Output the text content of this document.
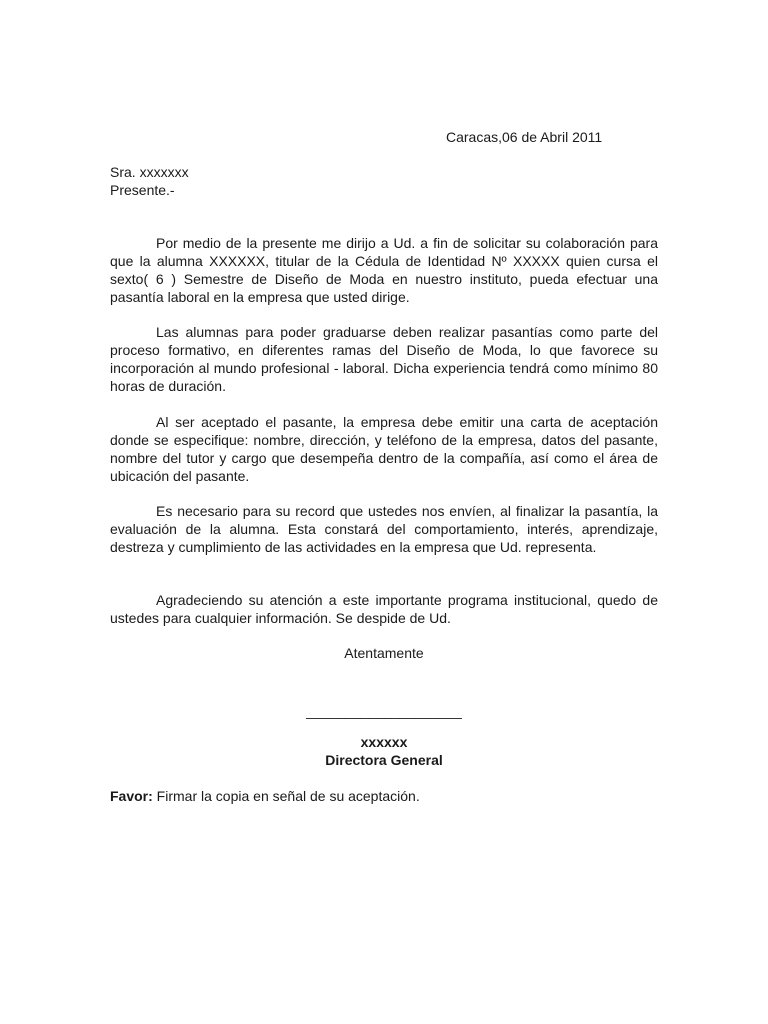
Caracas,06 de Abril 2011
Sra. xxxxxxx
Presente.-

Por medio de la presente me dirijo a Ud. a fin de solicitar su colaboración para que la alumna XXXXXX, titular de la Cédula de Identidad Nº XXXXX quien cursa el sexto( 6 ) Semestre de Diseño de Moda en nuestro instituto, pueda efectuar una pasantía laboral en la empresa que usted dirige.

Las alumnas para poder graduarse deben realizar pasantías como parte del proceso formativo, en diferentes ramas del Diseño de Moda, lo que favorece su incorporación al mundo profesional - laboral. Dicha experiencia tendrá como mínimo 80 horas de duración.

Al ser aceptado el pasante, la empresa debe emitir una carta de aceptación donde se especifique: nombre, dirección, y teléfono de la empresa, datos del pasante, nombre del tutor y cargo que desempeña dentro de la compañía, así como el área de ubicación del pasante.

Es necesario para su record que ustedes nos envíen, al finalizar la pasantía, la evaluación de la alumna. Esta constará del comportamiento, interés, aprendizaje, destreza y cumplimiento de las actividades en la empresa que Ud. representa.

Agradeciendo su atención a este importante programa institucional, quedo de ustedes para cualquier información. Se despide de Ud.

Atentamente
____________________
xxxxxx
Directora General
Favor: Firmar la copia en señal de su aceptación.
